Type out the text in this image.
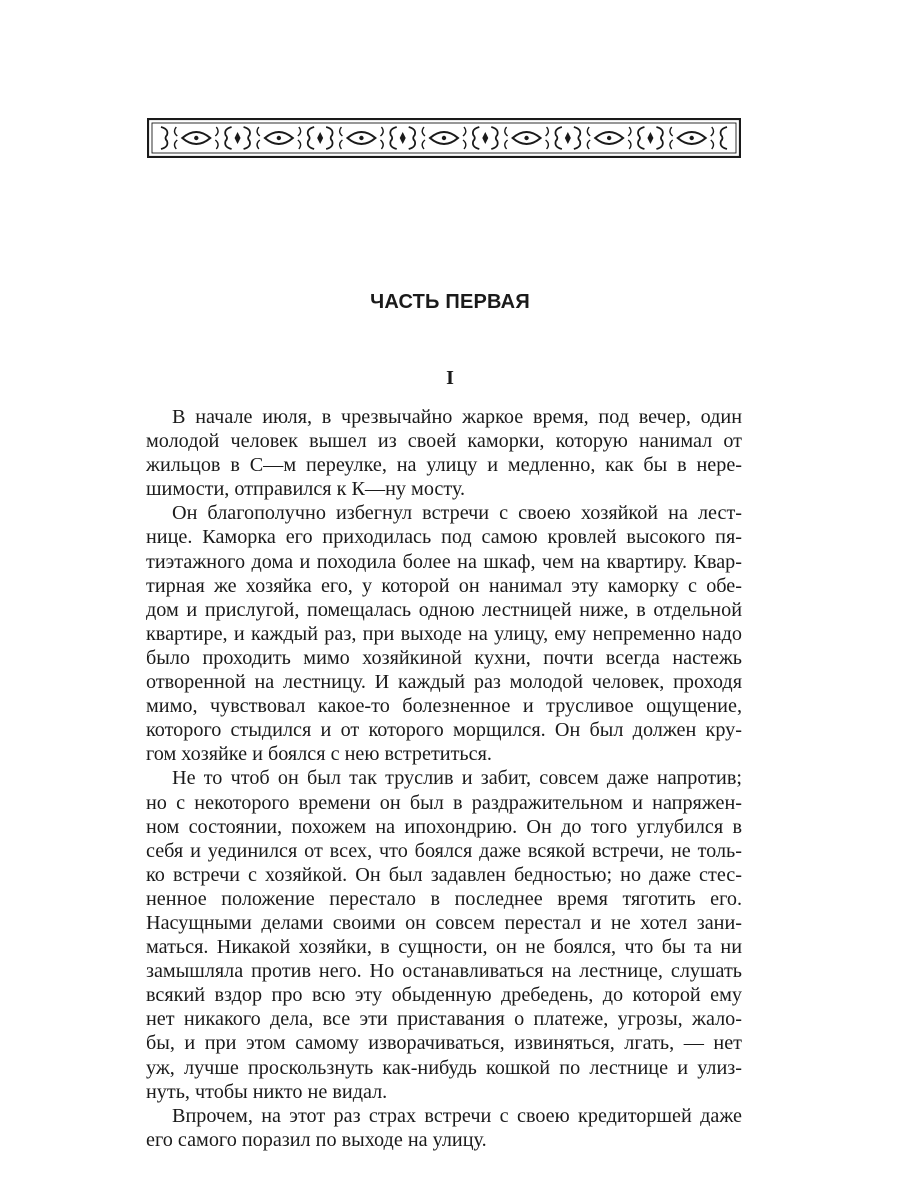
ЧАСТЬ ПЕРВАЯ
I

В начале июля, в чрезвычайно жаркое время, под вечер, один
молодой человек вышел из своей каморки, которую нанимал от
жильцов в С—м переулке, на улицу и медленно, как бы в нере-
шимости, отправился к К—ну мосту.

Он благополучно избегнул встречи с своею хозяйкой на лест-
нице. Каморка его приходилась под самою кровлей высокого пя-
тиэтажного дома и походила более на шкаф, чем на квартиру. Квар-
тирная же хозяйка его, у которой он нанимал эту каморку с обе-
дом и прислугой, помещалась одною лестницей ниже, в отдельной
квартире, и каждый раз, при выходе на улицу, ему непременно надо
было проходить мимо хозяйкиной кухни, почти всегда настежь
отворенной на лестницу. И каждый раз молодой человек, проходя
мимо, чувствовал какое-то болезненное и трусливое ощущение,
которого стыдился и от которого морщился. Он был должен кру-
гом хозяйке и боялся с нею встретиться.

Не то чтоб он был так труслив и забит, совсем даже напротив;
но с некоторого времени он был в раздражительном и напряжен-
ном состоянии, похожем на ипохондрию. Он до того углубился в
себя и уединился от всех, что боялся даже всякой встречи, не толь-
ко встречи с хозяйкой. Он был задавлен бедностью; но даже стес-
ненное положение перестало в последнее время тяготить его.
Насущными делами своими он совсем перестал и не хотел зани-
маться. Никакой хозяйки, в сущности, он не боялся, что бы та ни
замышляла против него. Но останавливаться на лестнице, слушать
всякий вздор про всю эту обыденную дребедень, до которой ему
нет никакого дела, все эти приставания о платеже, угрозы, жало-
бы, и при этом самому изворачиваться, извиняться, лгать, — нет
уж, лучше проскользнуть как-нибудь кошкой по лестнице и улиз-
нуть, чтобы никто не видал.

Впрочем, на этот раз страх встречи с своею кредиторшей даже
его самого поразил по выходе на улицу.
